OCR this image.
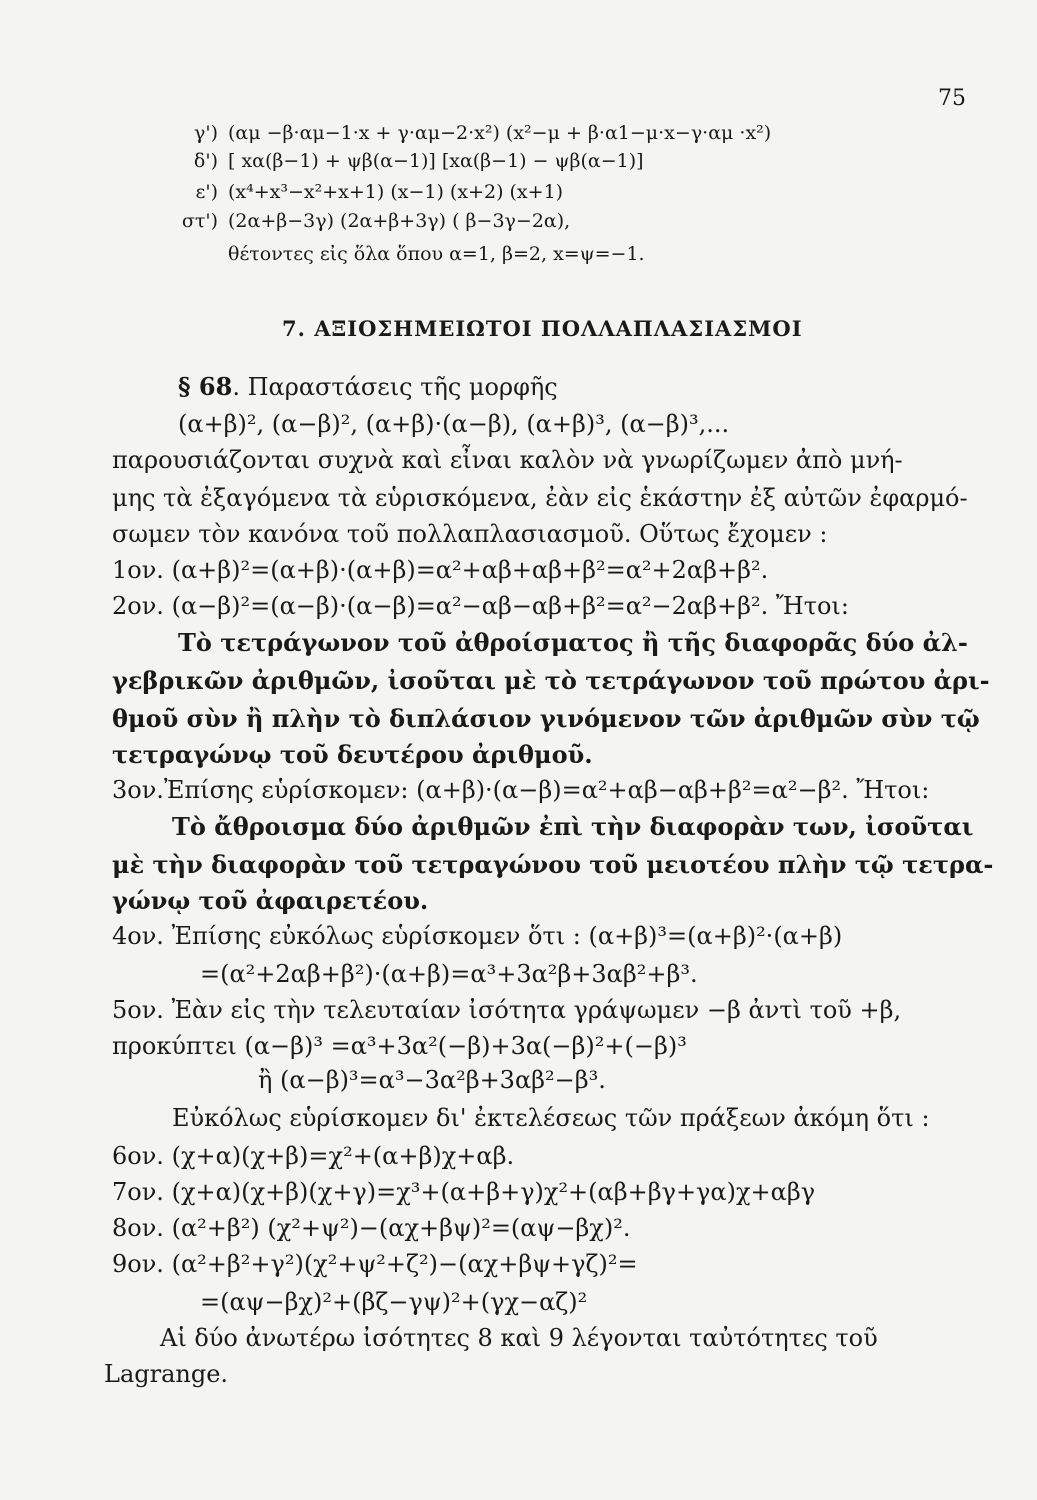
75
γ') (αμ −β·αμ−1·x + γ·αμ−2·x²) (x²−μ + β·α1−μ·x−γ·αμ ·x²)
δ') [ xα(β−1) + ψβ(α−1)] [xα(β−1) − ψβ(α−1)]
ε') (x⁴+x³−x²+x+1) (x−1) (x+2) (x+1)
στ') (2α+β−3γ) (2α+β+3γ) ( β−3γ−2α),
θέτοντες εἰς ὅλα ὅπου α=1, β=2, x=ψ=−1.
7. ΑΞΙΟΣΗΜΕΙΩΤΟΙ ΠΟΛΛΑΠΛΑΣΙΑΣΜΟΙ
§ 68. Παραστάσεις τῆς μορφῆς
(α+β)², (α−β)², (α+β)·(α−β), (α+β)³, (α−β)³,...
παρουσιάζονται συχνὰ καὶ εἶναι καλὸν νὰ γνωρίζωμεν ἀπὸ μνή-
μης τὰ ἐξαγόμενα τὰ εὑρισκόμενα, ἐὰν εἰς ἑκάστην ἐξ αὐτῶν ἐφαρμό-
σωμεν τὸν κανόνα τοῦ πολλαπλασιασμοῦ. Οὕτως ἔχομεν :
1ον. (α+β)²=(α+β)·(α+β)=α²+αβ+αβ+β²=α²+2αβ+β².
2ον. (α−β)²=(α−β)·(α−β)=α²−αβ−αβ+β²=α²−2αβ+β². Ἤτοι:
Τὸ τετράγωνον τοῦ ἀθροίσματος ἢ τῆς διαφορᾶς δύο ἀλ-
γεβρικῶν ἀριθμῶν, ἰσοῦται μὲ τὸ τετράγωνον τοῦ πρώτου ἀρι-
θμοῦ σὺν ἢ πλὴν τὸ διπλάσιον γινόμενον τῶν ἀριθμῶν σὺν τῷ
τετραγώνῳ τοῦ δευτέρου ἀριθμοῦ.
3ον.Ἐπίσης εὑρίσκομεν: (α+β)·(α−β)=α²+αβ−αβ+β²=α²−β². Ἤτοι:
Τὸ ἄθροισμα δύο ἀριθμῶν ἐπὶ τὴν διαφορὰν των, ἰσοῦται
μὲ τὴν διαφορὰν τοῦ τετραγώνου τοῦ μειοτέου πλὴν τῷ τετρα-
γώνῳ τοῦ ἀφαιρετέου.
4ον. Ἐπίσης εὐκόλως εὑρίσκομεν ὅτι : (α+β)³=(α+β)²·(α+β)
=(α²+2αβ+β²)·(α+β)=α³+3α²β+3αβ²+β³.
5ον. Ἐὰν εἰς τὴν τελευταίαν ἰσότητα γράψωμεν −β ἀντὶ τοῦ +β,
προκύπτει (α−β)³ =α³+3α²(−β)+3α(−β)²+(−β)³
ἢ (α−β)³=α³−3α²β+3αβ²−β³.
Εὐκόλως εὑρίσκομεν δι' ἐκτελέσεως τῶν πράξεων ἀκόμη ὅτι :
6ον. (χ+α)(χ+β)=χ²+(α+β)χ+αβ.
7ον. (χ+α)(χ+β)(χ+γ)=χ³+(α+β+γ)χ²+(αβ+βγ+γα)χ+αβγ
8ον. (α²+β²) (χ²+ψ²)−(αχ+βψ)²=(αψ−βχ)².
9ον. (α²+β²+γ²)(χ²+ψ²+ζ²)−(αχ+βψ+γζ)²=
=(αψ−βχ)²+(βζ−γψ)²+(γχ−αζ)²
Αἱ δύο ἀνωτέρω ἰσότητες 8 καὶ 9 λέγονται ταὐτότητες τοῦ
Lagrange.
